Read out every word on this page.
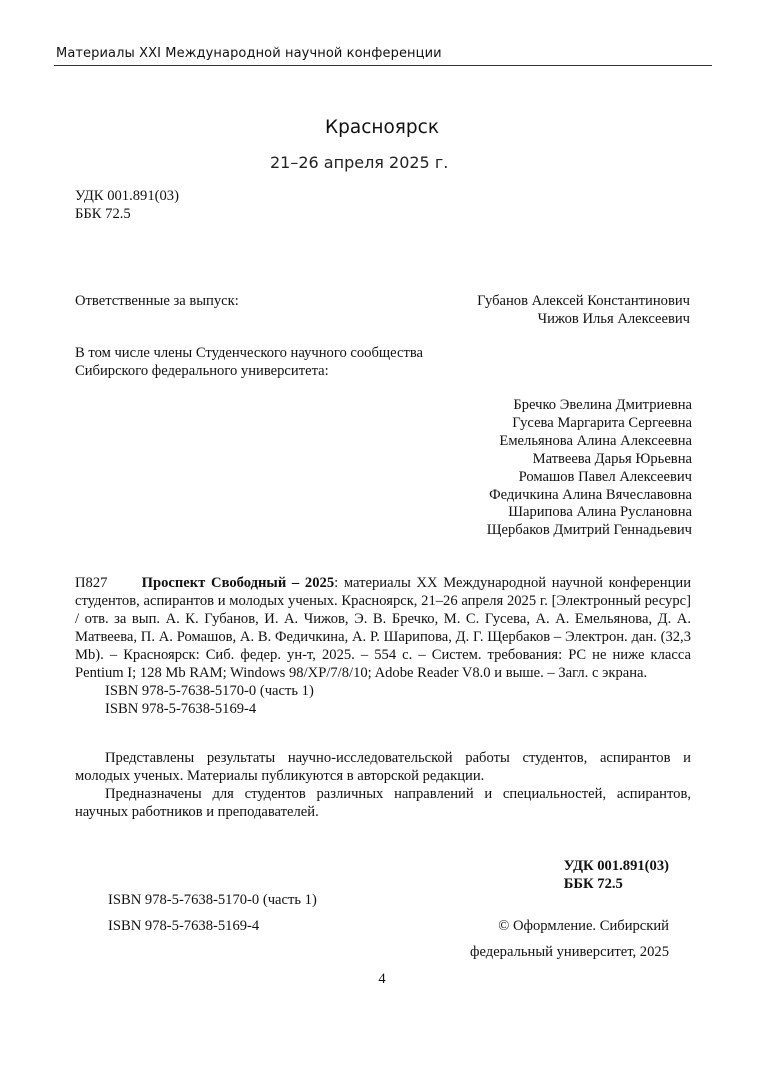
Материалы XXI Международной научной конференции
Красноярск
21–26 апреля 2025 г.
УДК 001.891(03)
ББК 72.5
Ответственные за выпуск:	Губанов Алексей Константинович
Чижов Илья Алексеевич
В том числе члены Студенческого научного сообщества
Сибирского федерального университета:
Бречко Эвелина Дмитриевна
Гусева Маргарита Сергеевна
Емельянова Алина Алексеевна
Матвеева Дарья Юрьевна
Ромашов Павел Алексеевич
Федичкина Алина Вячеславовна
Шарипова Алина Руслановна
Щербаков Дмитрий Геннадьевич
П827 Проспект Свободный – 2025: материалы XX Международной научной конференции студентов, аспирантов и молодых ученых. Красноярск, 21–26 апреля 2025 г. [Электронный ресурс] / отв. за вып. А. К. Губанов, И. А. Чижов, Э. В. Бречко, М. С. Гусева, А. А. Емельянова, Д. А. Матвеева, П. А. Ромашов, А. В. Федичкина, А. Р. Шарипова, Д. Г. Щербаков – Электрон. дан. (32,3 Mb). – Красноярск: Сиб. федер. ун-т, 2025. – 554 с. – Систем. требования: PC не ниже класса Pentium I; 128 Mb RAM; Windows 98/XP/7/8/10; Adobe Reader V8.0 и выше. – Загл. с экрана.
ISBN 978-5-7638-5170-0 (часть 1)
ISBN 978-5-7638-5169-4
Представлены результаты научно-исследовательской работы студентов, аспирантов и молодых ученых. Материалы публикуются в авторской редакции.
Предназначены для студентов различных направлений и специальностей, аспирантов, научных работников и преподавателей.
УДК 001.891(03)
ББК 72.5
ISBN 978-5-7638-5170-0 (часть 1)
ISBN 978-5-7638-5169-4	© Оформление. Сибирский
федеральный университет, 2025
4
